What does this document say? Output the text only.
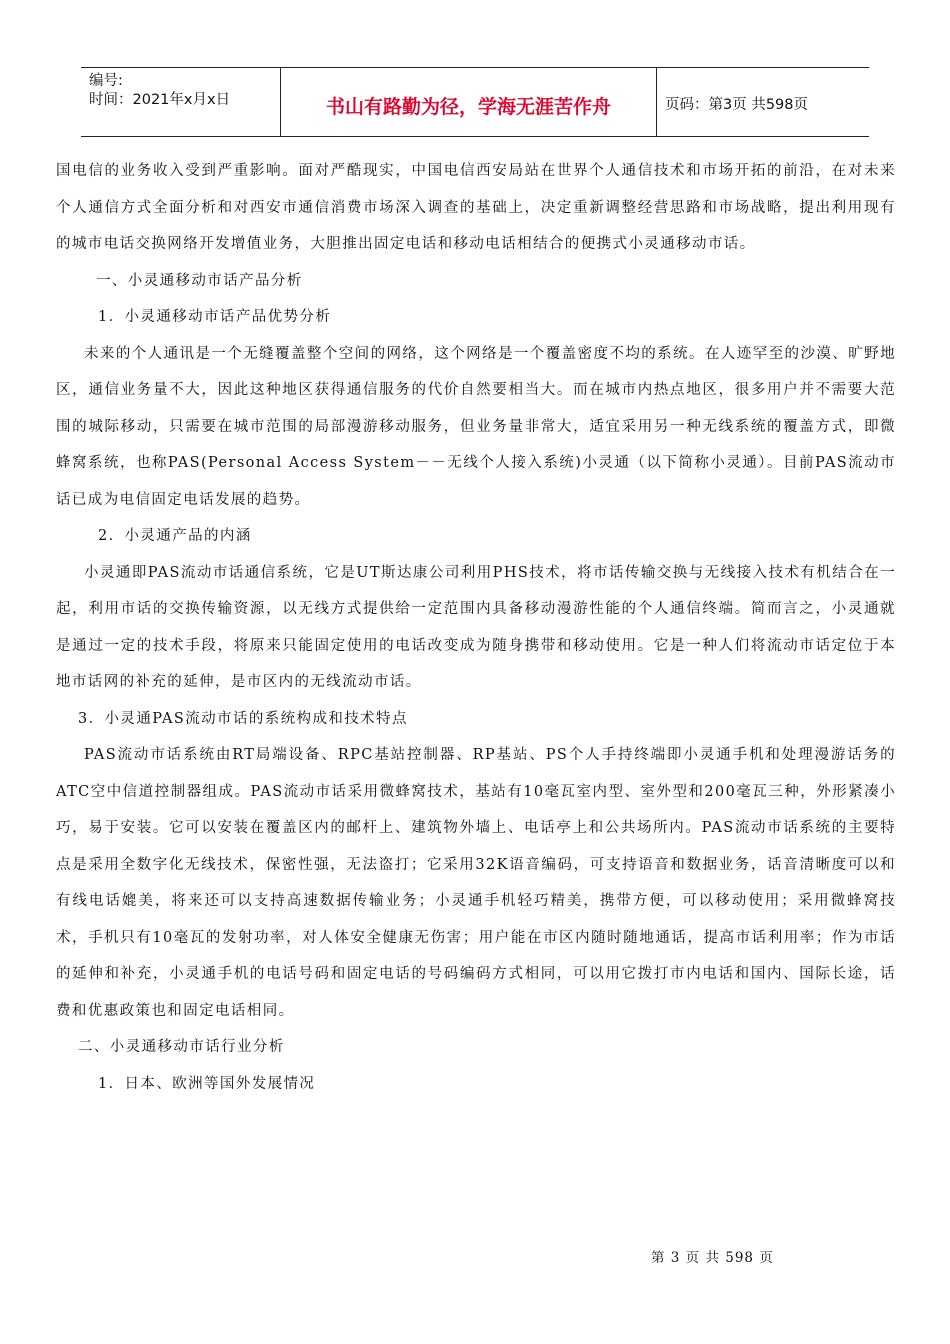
编号:
时间：2021年x月x日	书山有路勤为径，学海无涯苦作舟	页码：第3页 共598页

国电信的业务收入受到严重影响。面对严酷现实，中国电信西安局站在世界个人通信技术和市场开拓的前沿，在对未来个人通信方式全面分析和对西安市通信消费市场深入调查的基础上，决定重新调整经营思路和市场战略，提出利用现有的城市电话交换网络开发增值业务，大胆推出固定电话和移动电话相结合的便携式小灵通移动市话。

一、小灵通移动市话产品分析

1．小灵通移动市话产品优势分析

未来的个人通讯是一个无缝覆盖整个空间的网络，这个网络是一个覆盖密度不均的系统。在人迹罕至的沙漠、旷野地区，通信业务量不大，因此这种地区获得通信服务的代价自然要相当大。而在城市内热点地区，很多用户并不需要大范围的城际移动，只需要在城市范围的局部漫游移动服务，但业务量非常大，适宜采用另一种无线系统的覆盖方式，即微蜂窝系统，也称PAS(Personal Access System－－无线个人接入系统)小灵通（以下简称小灵通）。目前PAS流动市话已成为电信固定电话发展的趋势。

2．小灵通产品的内涵

小灵通即PAS流动市话通信系统，它是UT斯达康公司利用PHS技术，将市话传输交换与无线接入技术有机结合在一起，利用市话的交换传输资源，以无线方式提供给一定范围内具备移动漫游性能的个人通信终端。简而言之，小灵通就是通过一定的技术手段，将原来只能固定使用的电话改变成为随身携带和移动使用。它是一种人们将流动市话定位于本地市话网的补充的延伸，是市区内的无线流动市话。

3．小灵通PAS流动市话的系统构成和技术特点

PAS流动市话系统由RT局端设备、RPC基站控制器、RP基站、PS个人手持终端即小灵通手机和处理漫游话务的ATC空中信道控制器组成。PAS流动市话采用微蜂窝技术，基站有10毫瓦室内型、室外型和200毫瓦三种，外形紧凑小巧，易于安装。它可以安装在覆盖区内的邮杆上、建筑物外墙上、电话亭上和公共场所内。PAS流动市话系统的主要特点是采用全数字化无线技术，保密性强，无法盗打；它采用32K语音编码，可支持语音和数据业务，话音清晰度可以和有线电话媲美，将来还可以支持高速数据传输业务；小灵通手机轻巧精美，携带方便，可以移动使用；采用微蜂窝技术，手机只有10毫瓦的发射功率，对人体安全健康无伤害；用户能在市区内随时随地通话，提高市话利用率；作为市话的延伸和补充，小灵通手机的电话号码和固定电话的号码编码方式相同，可以用它拨打市内电话和国内、国际长途，话费和优惠政策也和固定电话相同。

二、小灵通移动市话行业分析

1．日本、欧洲等国外发展情况

第 3 页 共 598 页
